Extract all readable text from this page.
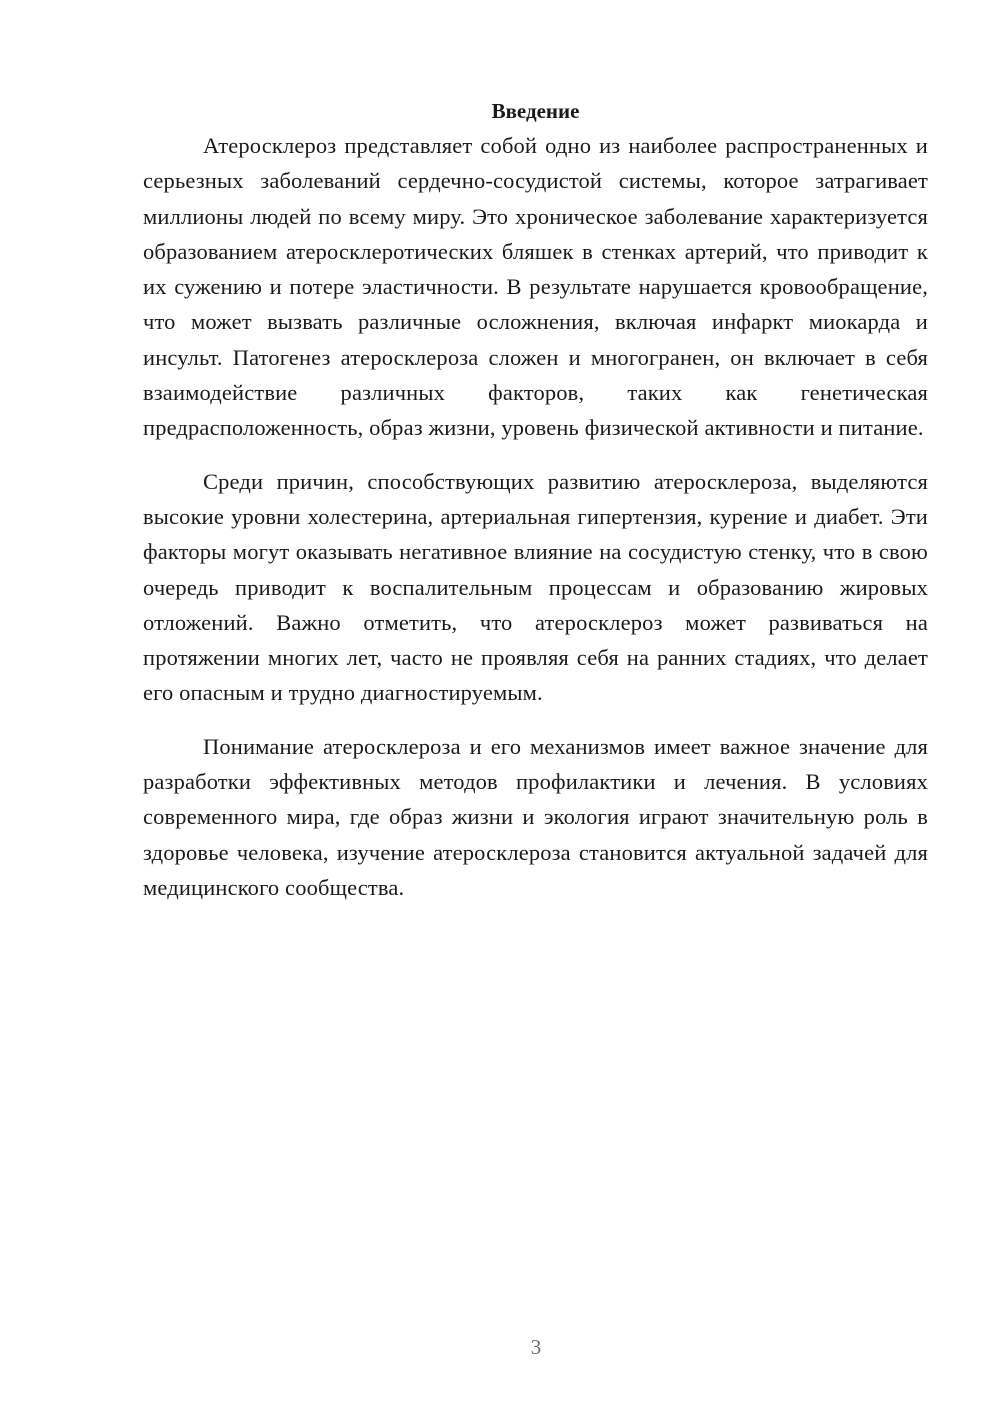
Введение

Атеросклероз представляет собой одно из наиболее распространенных и серьезных заболеваний сердечно-сосудистой системы, которое затрагивает миллионы людей по всему миру. Это хроническое заболевание характеризуется образованием атеросклеротических бляшек в стенках артерий, что приводит к их сужению и потере эластичности. В результате нарушается кровообращение, что может вызвать различные осложнения, включая инфаркт миокарда и инсульт. Патогенез атеросклероза сложен и многогранен, он включает в себя взаимодействие различных факторов, таких как генетическая предрасположенность, образ жизни, уровень физической активности и питание.

Среди причин, способствующих развитию атеросклероза, выделяются высокие уровни холестерина, артериальная гипертензия, курение и диабет. Эти факторы могут оказывать негативное влияние на сосудистую стенку, что в свою очередь приводит к воспалительным процессам и образованию жировых отложений. Важно отметить, что атеросклероз может развиваться на протяжении многих лет, часто не проявляя себя на ранних стадиях, что делает его опасным и трудно диагностируемым.

Понимание атеросклероза и его механизмов имеет важное значение для разработки эффективных методов профилактики и лечения. В условиях современного мира, где образ жизни и экология играют значительную роль в здоровье человека, изучение атеросклероза становится актуальной задачей для медицинского сообщества.

3
